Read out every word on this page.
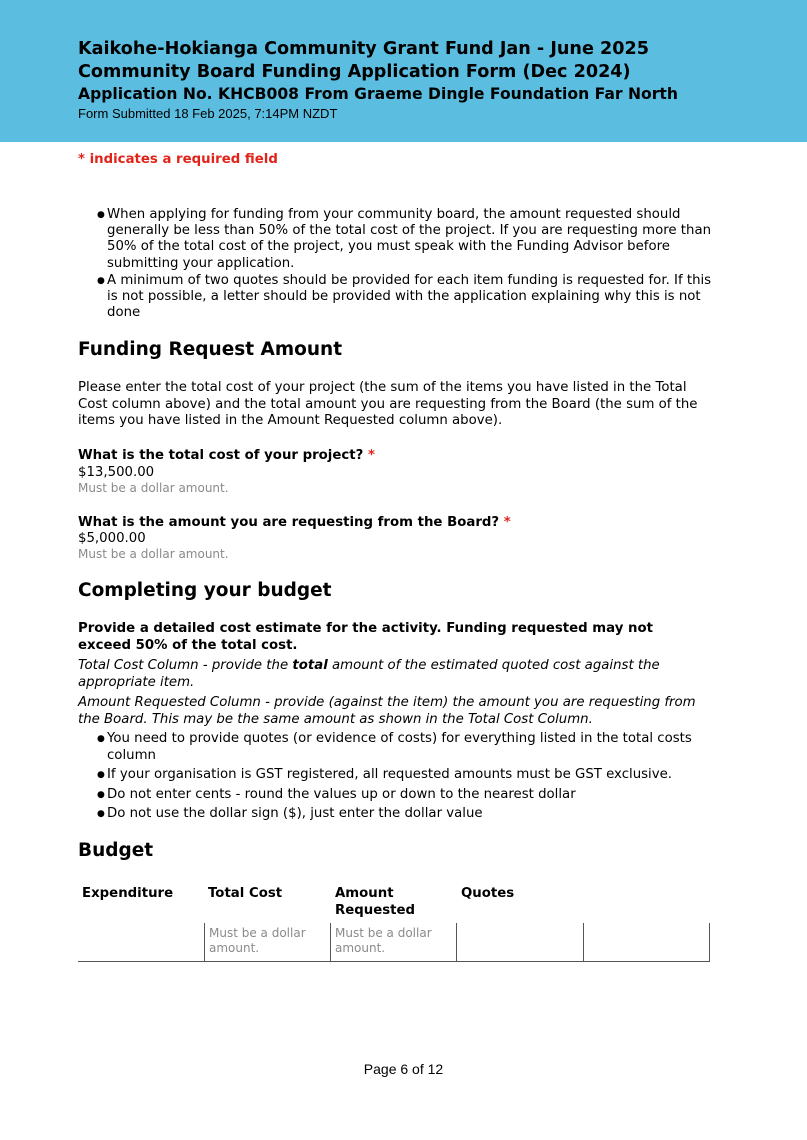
Kaikohe-Hokianga Community Grant Fund Jan - June 2025

Community Board Funding Application Form (Dec 2024)

Application No. KHCB008 From Graeme Dingle Foundation Far North

Form Submitted 18 Feb 2025, 7:14PM NZDT

* indicates a required field
● When applying for funding from your community board, the amount requested should generally be less than 50% of the total cost of the project. If you are requesting more than 50% of the total cost of the project, you must speak with the Funding Advisor before submitting your application.
● A minimum of two quotes should be provided for each item funding is requested for. If this is not possible, a letter should be provided with the application explaining why this is not done
Funding Request Amount

Please enter the total cost of your project (the sum of the items you have listed in the Total Cost column above) and the total amount you are requesting from the Board (the sum of the items you have listed in the Amount Requested column above).

What is the total cost of your project? *

$13,500.00

Must be a dollar amount.

What is the amount you are requesting from the Board? *

$5,000.00

Must be a dollar amount.

Completing your budget

Provide a detailed cost estimate for the activity. Funding requested may not exceed 50% of the total cost.

Total Cost Column - provide the total amount of the estimated quoted cost against the appropriate item.

Amount Requested Column - provide (against the item) the amount you are requesting from the Board. This may be the same amount as shown in the Total Cost Column.

● You need to provide quotes (or evidence of costs) for everything listed in the total costs column
● If your organisation is GST registered, all requested amounts must be GST exclusive.
● Do not enter cents - round the values up or down to the nearest dollar
● Do not use the dollar sign ($), just enter the dollar value
Budget
Expenditure	Total Cost	Amount Requested
Quotes
Must be a dollar amount.
Must be a dollar amount.
Page 6 of 12
